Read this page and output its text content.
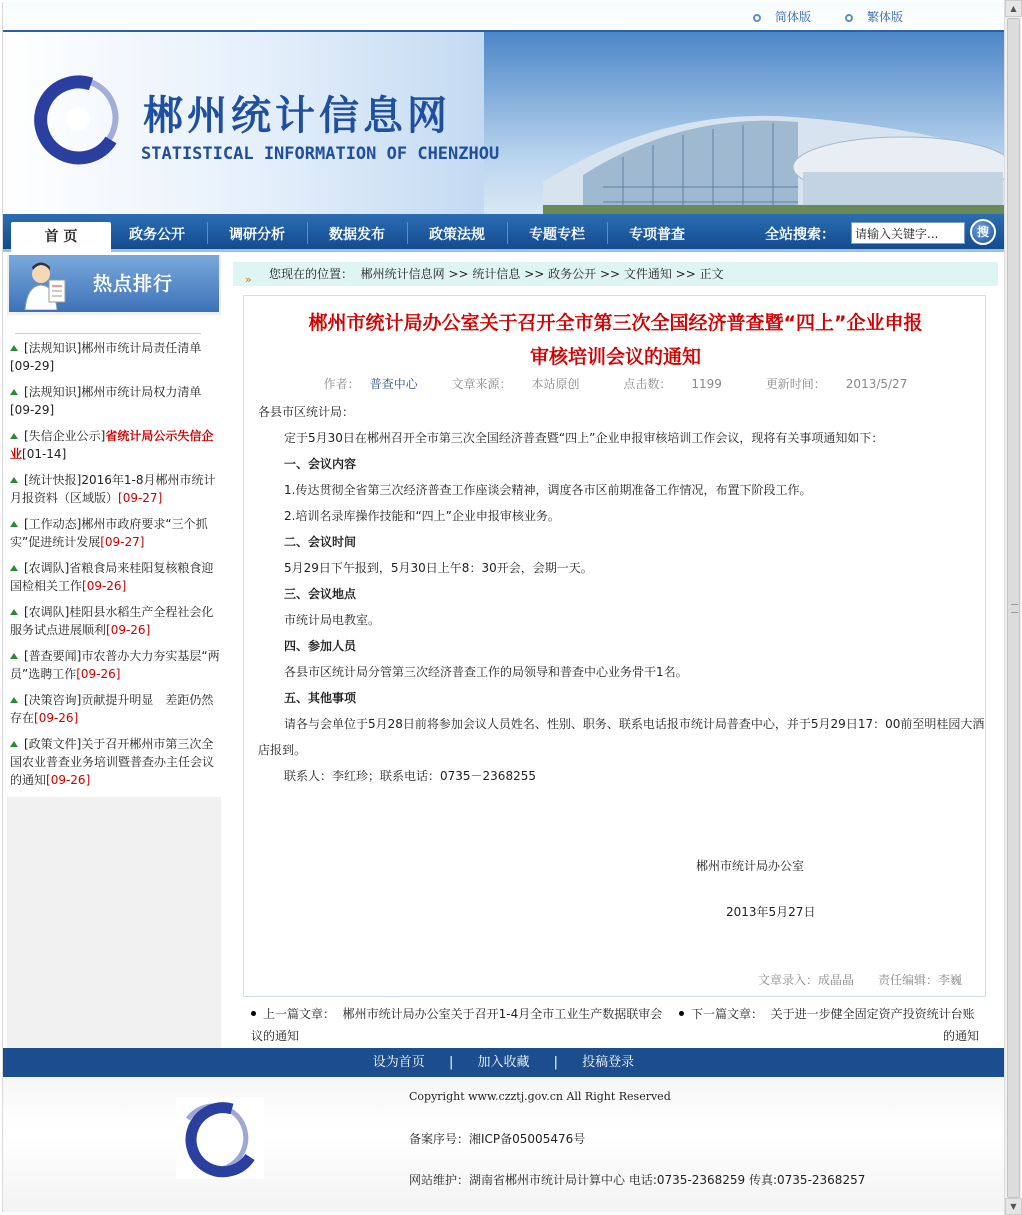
简体版	繁体版
郴州统计信息网
STATISTICAL INFORMATION OF CHENZHOU
首 页	政务公开	调研分析	数据发布	政策法规	专题专栏	专项普查	全站搜索：
请输入关键字...	搜
热点排行
[法规知识]郴州市统计局责任清单
[09-29]
[法规知识]郴州市统计局权力清单
[09-29]
[失信企业公示]省统计局公示失信企业[01-14]
[统计快报]2016年1-8月郴州市统计月报资料（区域版）[09-27]
[工作动态]郴州市政府要求“三个抓实”促进统计发展[09-27]
[农调队]省粮食局来桂阳复核粮食迎国检相关工作[09-26]
[农调队]桂阳县水稻生产全程社会化服务试点进展顺利[09-26]
[普查要闻]市农普办大力夯实基层“两员”选聘工作[09-26]
[决策咨询]贡献提升明显　差距仍然存在[09-26]
[政策文件]关于召开郴州市第三次全国农业普查业务培训暨普查办主任会议的通知[09-26]
» 您现在的位置： 郴州统计信息网 >> 统计信息 >> 政务公开 >> 文件通知 >> 正文
郴州市统计局办公室关于召开全市第三次全国经济普查暨“四上”企业申报
审核培训会议的通知
作者： 普查中心	文章来源： 本站原创	点击数： 1199	更新时间： 2013/5/27
各县市区统计局：
定于5月30日在郴州召开全市第三次全国经济普查暨“四上”企业申报审核培训工作会议，现将有关事项通知如下：
一、会议内容
1.传达贯彻全省第三次经济普查工作座谈会精神，调度各市区前期准备工作情况，布置下阶段工作。
2.培训名录库操作技能和“四上”企业申报审核业务。
二、会议时间
5月29日下午报到，5月30日上午8：30开会，会期一天。
三、会议地点
市统计局电教室。
四、参加人员
各县市区统计局分管第三次经济普查工作的局领导和普查中心业务骨干1名。
五、其他事项
请各与会单位于5月28日前将参加会议人员姓名、性别、职务、联系电话报市统计局普查中心，并于5月29日17：00前至明桂园大酒
店报到。
联系人：李红珍；联系电话：0735－2368255
郴州市统计局办公室
2013年5月27日
文章录入：成晶晶 责任编辑：李巍
上一篇文章： 郴州市统计局办公室关于召开1-4月全市工业生产数据联审会
议的通知
下一篇文章： 关于进一步健全固定资产投资统计台账

的通知
设为首页 | 加入收藏 | 投稿登录
Copyright www.czztj.gov.cn All Right Reserved
备案序号：湘ICP备05005476号
网站维护：湖南省郴州市统计局计算中心 电话:0735-2368259 传真:0735-2368257
▲
▼
